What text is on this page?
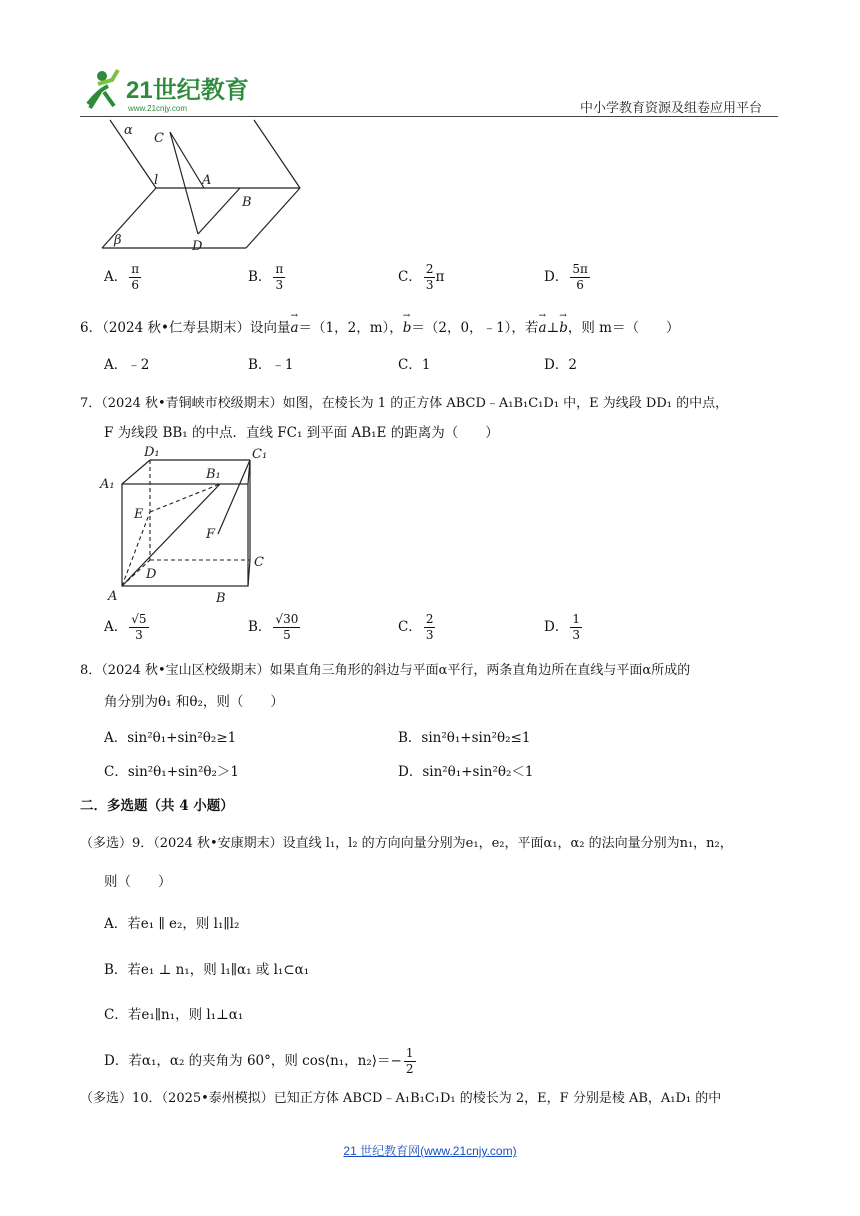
21世纪教育
www.21cnjy.com	中小学教育资源及组卷应用平台
α
C
l	A
B
β	D
A． $\frac{\pi}{6}$	B． $\frac{\pi}{3}$	C． $\frac{2}{3}$ π	D． $\frac{5\pi}{6}$
6．（2024 秋•仁寿县期末）设向量→ a＝（1，2，m），→ b＝（2，0，﹣1），若→ a⊥→ b，则 m＝（　　）
A．﹣2	B．﹣1	C．1	D．2
7．（2024 秋•青铜峡市校级期末）如图，在棱长为 1 的正方体 ABCD﹣A₁B₁C₁D₁ 中，E 为线段 DD₁ 的中点，
F 为线段 BB₁ 的中点．直线 FC₁ 到平面 AB₁E 的距离为（　　）
D₁	C₁
A₁
B₁
E
F
D
C
A	B
A． $\frac{√5}{3}$	B． $\frac{√30}{5}$	C． $\frac{2}{3}$	D． $\frac{1}{3}$
8．（2024 秋•宝山区校级期末）如果直角三角形的斜边与平面α平行，两条直角边所在直线与平面α所成的
角分别为θ₁ 和θ₂，则（　　）
A．sin²θ₁+sin²θ₂≥1	B．sin²θ₁+sin²θ₂≤1
C．sin²θ₁+sin²θ₂＞1	D．sin²θ₁+sin²θ₂＜1
二．多选题（共 4 小题）
（多选）9．（2024 秋•安康期末）设直线 l₁，l₂ 的方向向量分别为e₁，e₂，平面α₁，α₂ 的法向量分别为n₁，n₂，
则（　　）
A．若e₁ ∥ e₂，则 l₁∥l₂
B．若e₁ ⊥ n₁，则 l₁∥α₁ 或 l₁⊂α₁
C．若e₁∥n₁，则 l₁⊥α₁
D．若α₁，α₂ 的夹角为 60°，则 cos⟨n₁，n₂⟩＝− $\frac{1}{2}$
（多选）10．（2025•泰州模拟）已知正方体 ABCD﹣A₁B₁C₁D₁ 的棱长为 2，E，F 分别是棱 AB，A₁D₁ 的中
21 世纪教育网(www.21cnjy.com)
